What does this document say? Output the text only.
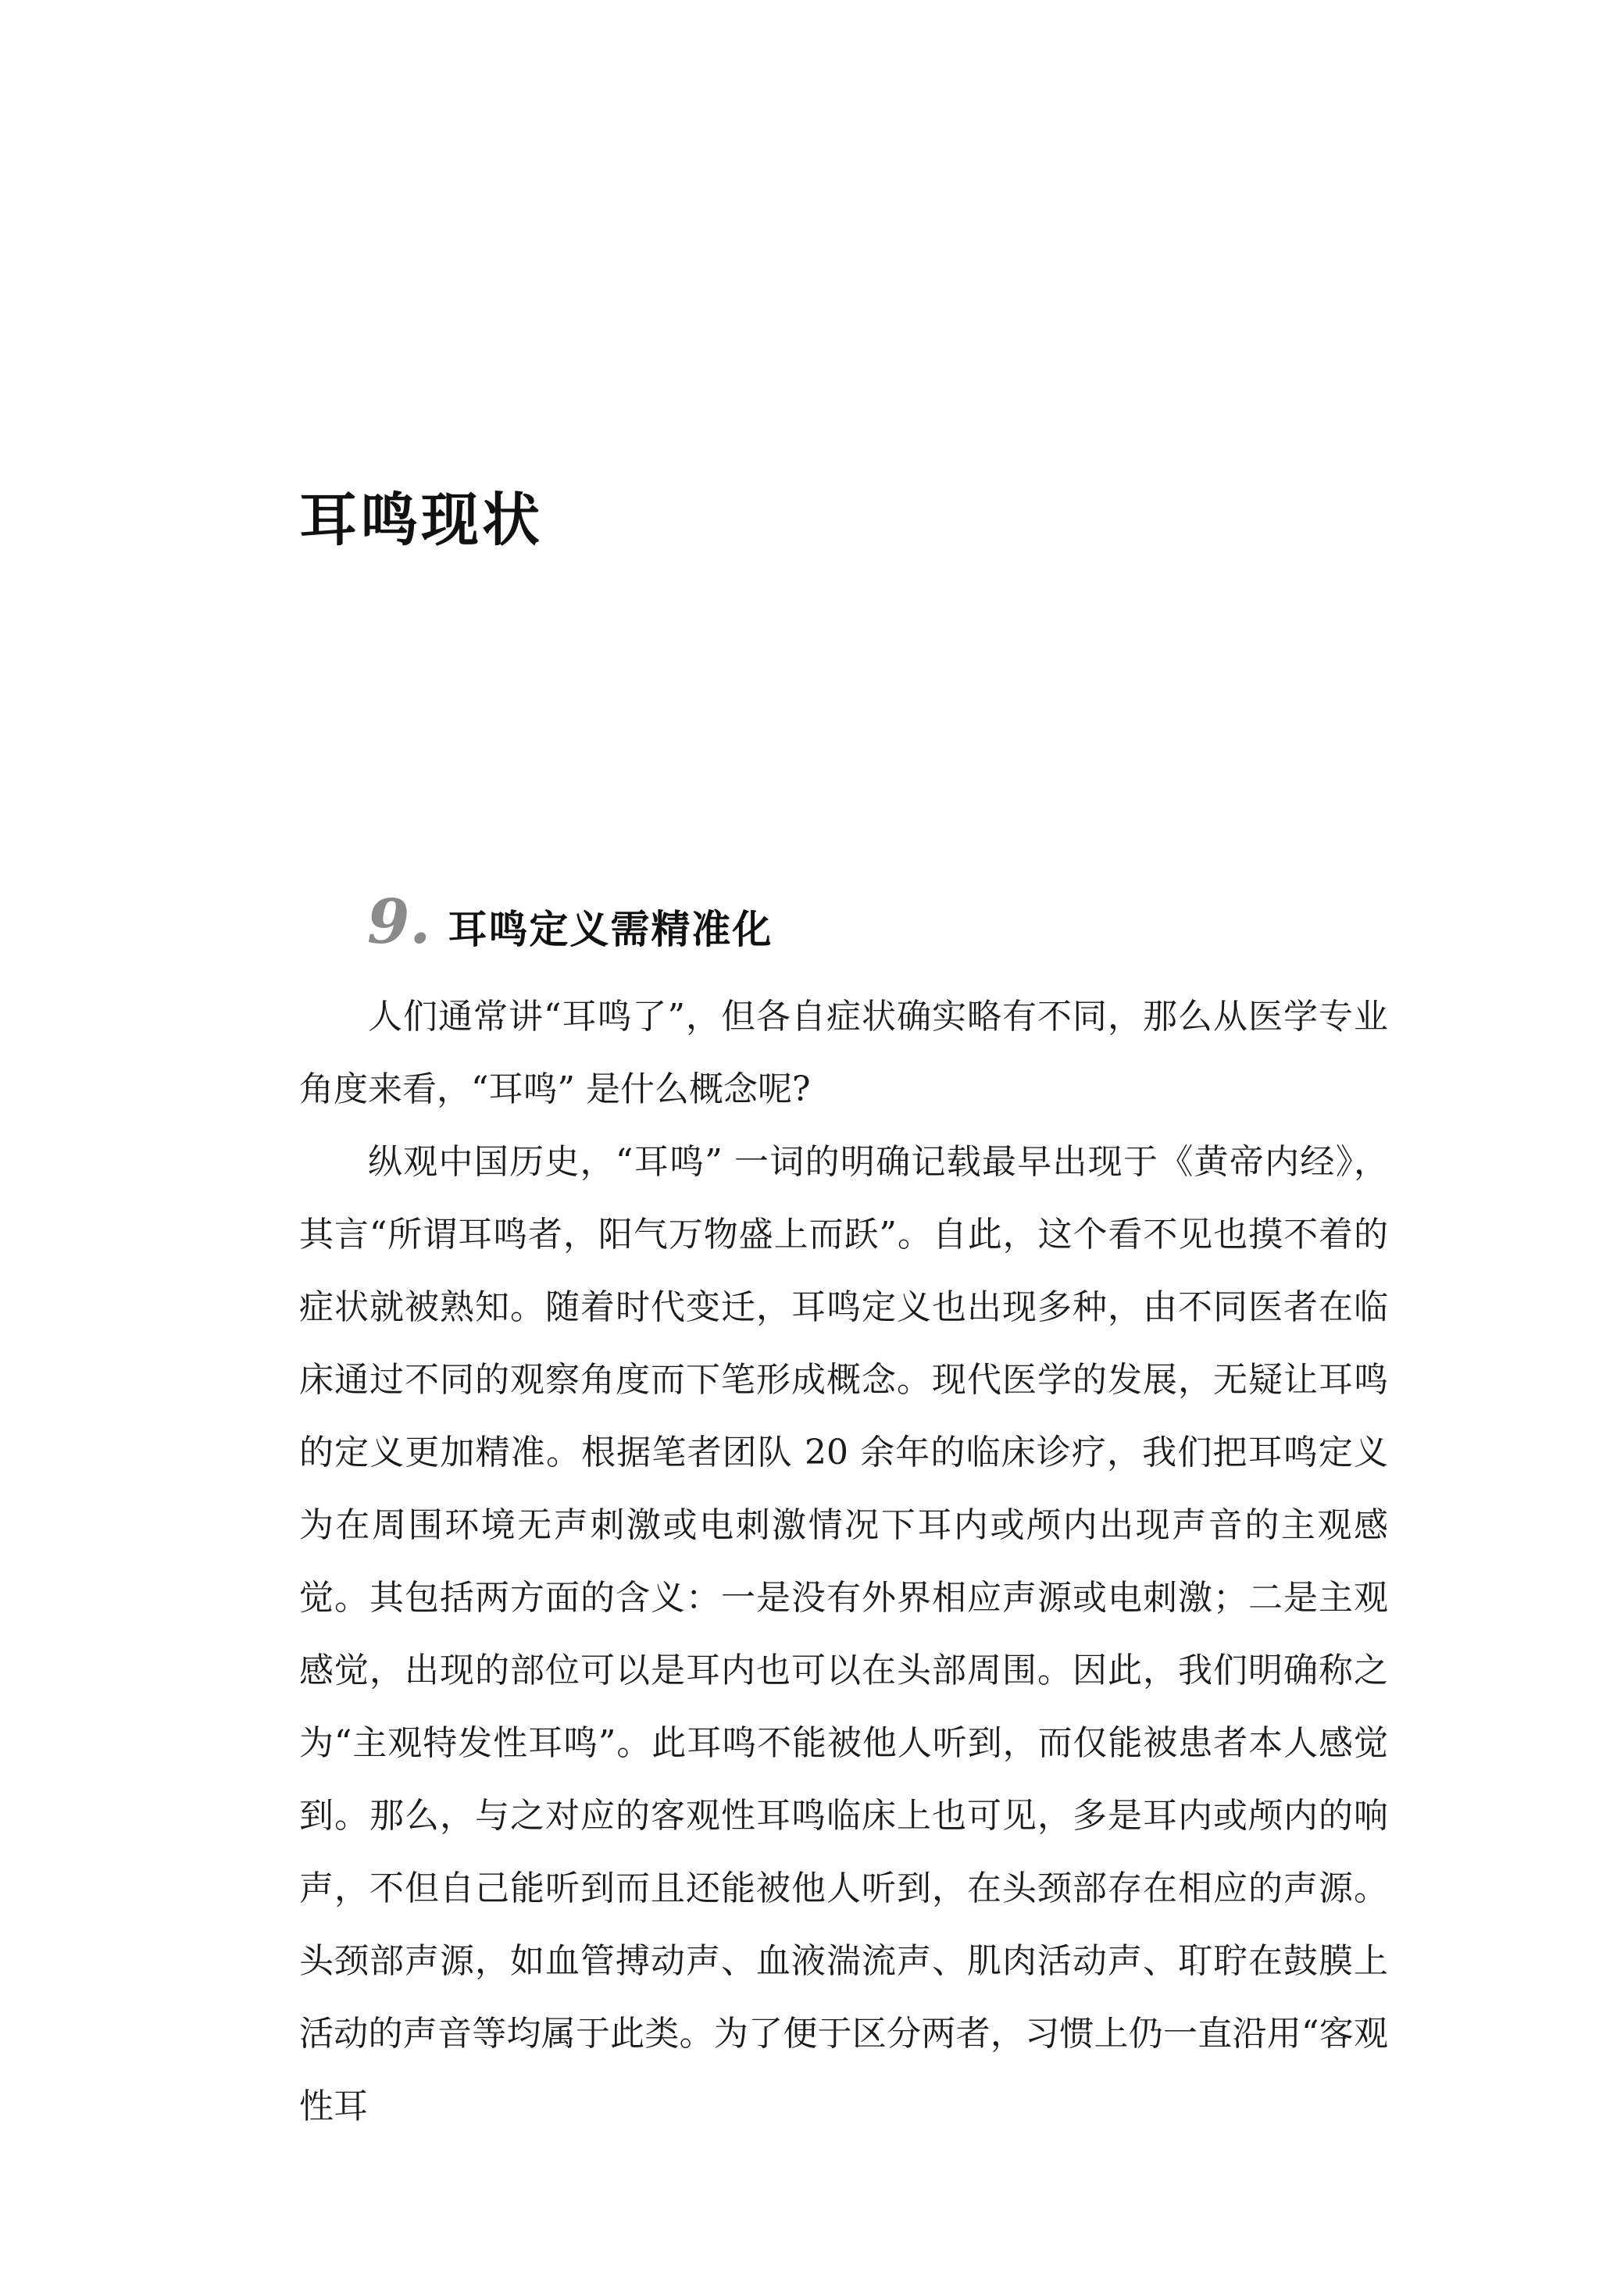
耳鸣现状
9. 耳鸣定义需精准化

人们通常讲“耳鸣了”，但各自症状确实略有不同，那么从医学专业角度来看，“耳鸣” 是什么概念呢?

纵观中国历史，“耳鸣” 一词的明确记载最早出现于《黄帝内经》，其言“所谓耳鸣者，阳气万物盛上而跃”。自此，这个看不见也摸不着的症状就被熟知。随着时代变迁，耳鸣定义也出现多种，由不同医者在临床通过不同的观察角度而下笔形成概念。现代医学的发展，无疑让耳鸣的定义更加精准。根据笔者团队 20 余年的临床诊疗，我们把耳鸣定义为在周围环境无声刺激或电刺激情况下耳内或颅内出现声音的主观感觉。其包括两方面的含义：一是没有外界相应声源或电刺激；二是主观感觉，出现的部位可以是耳内也可以在头部周围。因此，我们明确称之为“主观特发性耳鸣”。此耳鸣不能被他人听到，而仅能被患者本人感觉到。那么，与之对应的客观性耳鸣临床上也可见，多是耳内或颅内的响声，不但自己能听到而且还能被他人听到，在头颈部存在相应的声源。头颈部声源，如血管搏动声、血液湍流声、肌肉活动声、耵聍在鼓膜上活动的声音等均属于此类。为了便于区分两者，习惯上仍一直沿用“客观性耳
